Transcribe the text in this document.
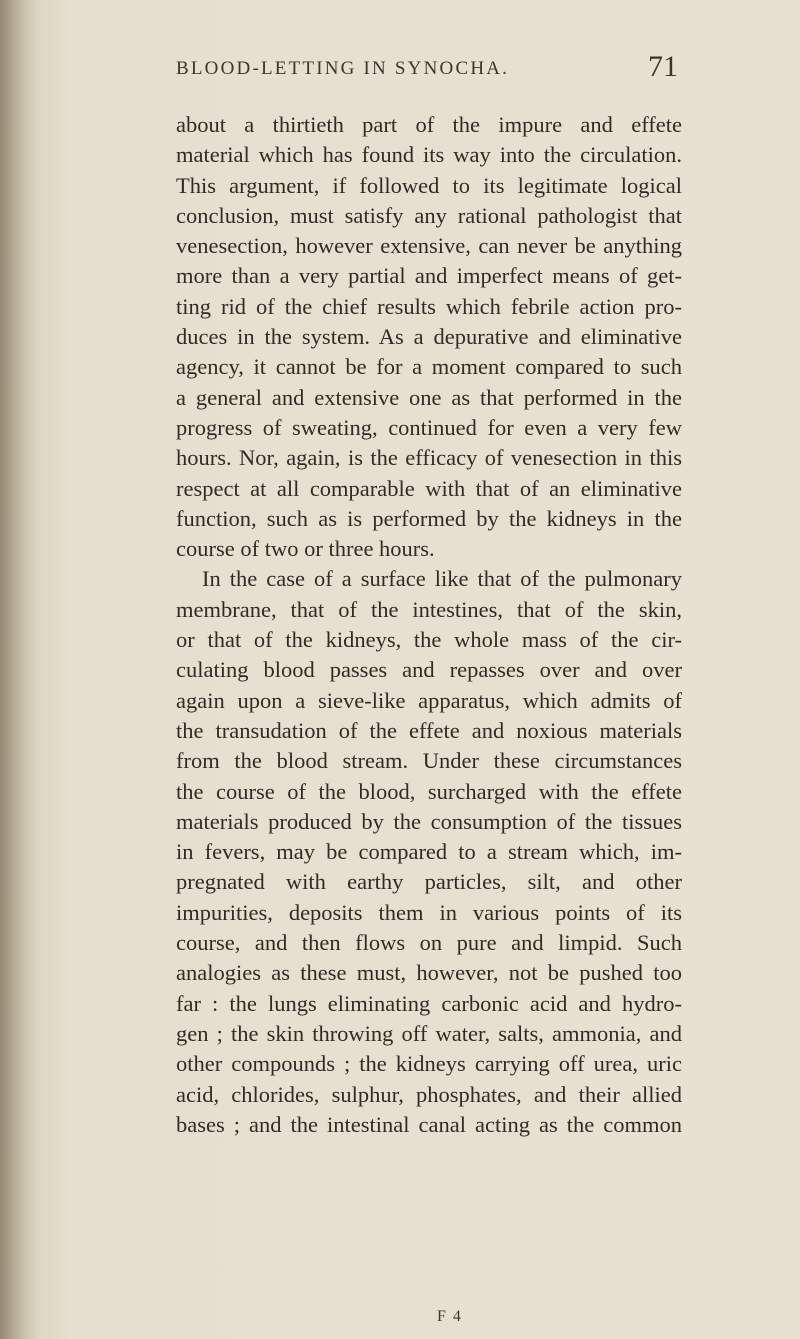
BLOOD-LETTING IN SYNOCHA.	71
about a thirtieth part of the impure and effete
material which has found its way into the circulation.
This argument, if followed to its legitimate logical
conclusion, must satisfy any rational pathologist that
venesection, however extensive, can never be anything
more than a very partial and imperfect means of get-
ting rid of the chief results which febrile action pro-
duces in the system. As a depurative and eliminative
agency, it cannot be for a moment compared to such
a general and extensive one as that performed in the
progress of sweating, continued for even a very few
hours. Nor, again, is the efficacy of venesection in this
respect at all comparable with that of an eliminative
function, such as is performed by the kidneys in the
course of two or three hours.
In the case of a surface like that of the pulmonary
membrane, that of the intestines, that of the skin,
or that of the kidneys, the whole mass of the cir-
culating blood passes and repasses over and over
again upon a sieve-like apparatus, which admits of
the transudation of the effete and noxious materials
from the blood stream. Under these circumstances
the course of the blood, surcharged with the effete
materials produced by the consumption of the tissues
in fevers, may be compared to a stream which, im-
pregnated with earthy particles, silt, and other
impurities, deposits them in various points of its
course, and then flows on pure and limpid. Such
analogies as these must, however, not be pushed too
far : the lungs eliminating carbonic acid and hydro-
gen ; the skin throwing off water, salts, ammonia, and
other compounds ; the kidneys carrying off urea, uric
acid, chlorides, sulphur, phosphates, and their allied
bases ; and the intestinal canal acting as the common
F 4
